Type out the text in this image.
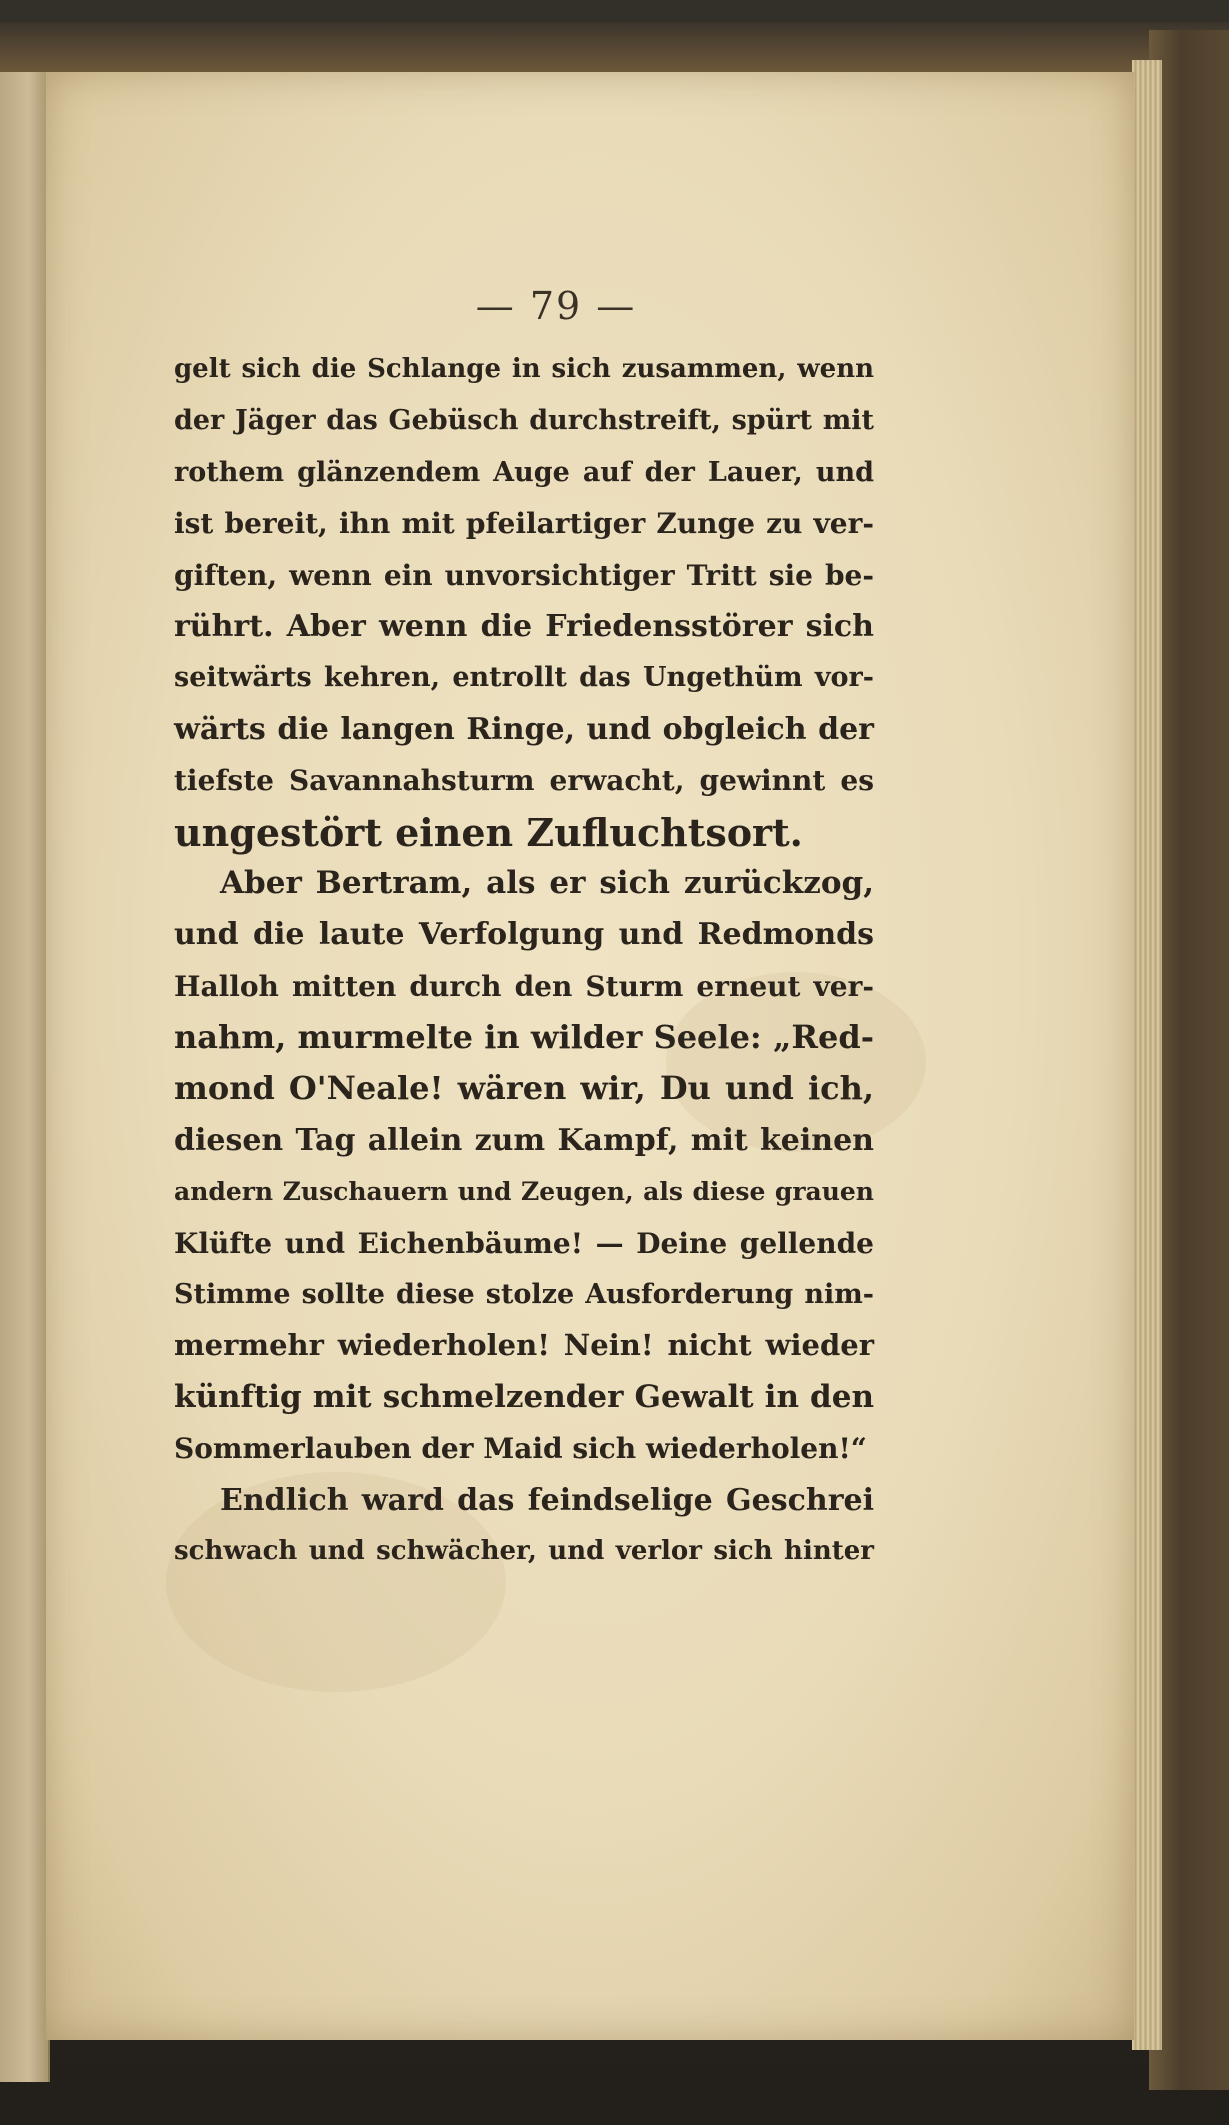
— 79 —
gelt sich die Schlange in sich zusammen, wenn
der Jäger das Gebüsch durchstreift, spürt mit
rothem glänzendem Auge auf der Lauer, und
ist bereit, ihn mit pfeilartiger Zunge zu ver-
giften, wenn ein unvorsichtiger Tritt sie be-
rührt. Aber wenn die Friedensstörer sich
seitwärts kehren, entrollt das Ungethüm vor-
wärts die langen Ringe, und obgleich der
tiefste Savannahsturm erwacht, gewinnt es
ungestört einen Zufluchtsort.
Aber Bertram, als er sich zurückzog,
und die laute Verfolgung und Redmonds
Halloh mitten durch den Sturm erneut ver-
nahm, murmelte in wilder Seele: „Red-
mond O'Neale! wären wir, Du und ich,
diesen Tag allein zum Kampf, mit keinen
andern Zuschauern und Zeugen, als diese grauen
Klüfte und Eichenbäume! — Deine gellende
Stimme sollte diese stolze Ausforderung nim-
mermehr wiederholen! Nein! nicht wieder
künftig mit schmelzender Gewalt in den
Sommerlauben der Maid sich wiederholen!“
Endlich ward das feindselige Geschrei
schwach und schwächer, und verlor sich hinter
